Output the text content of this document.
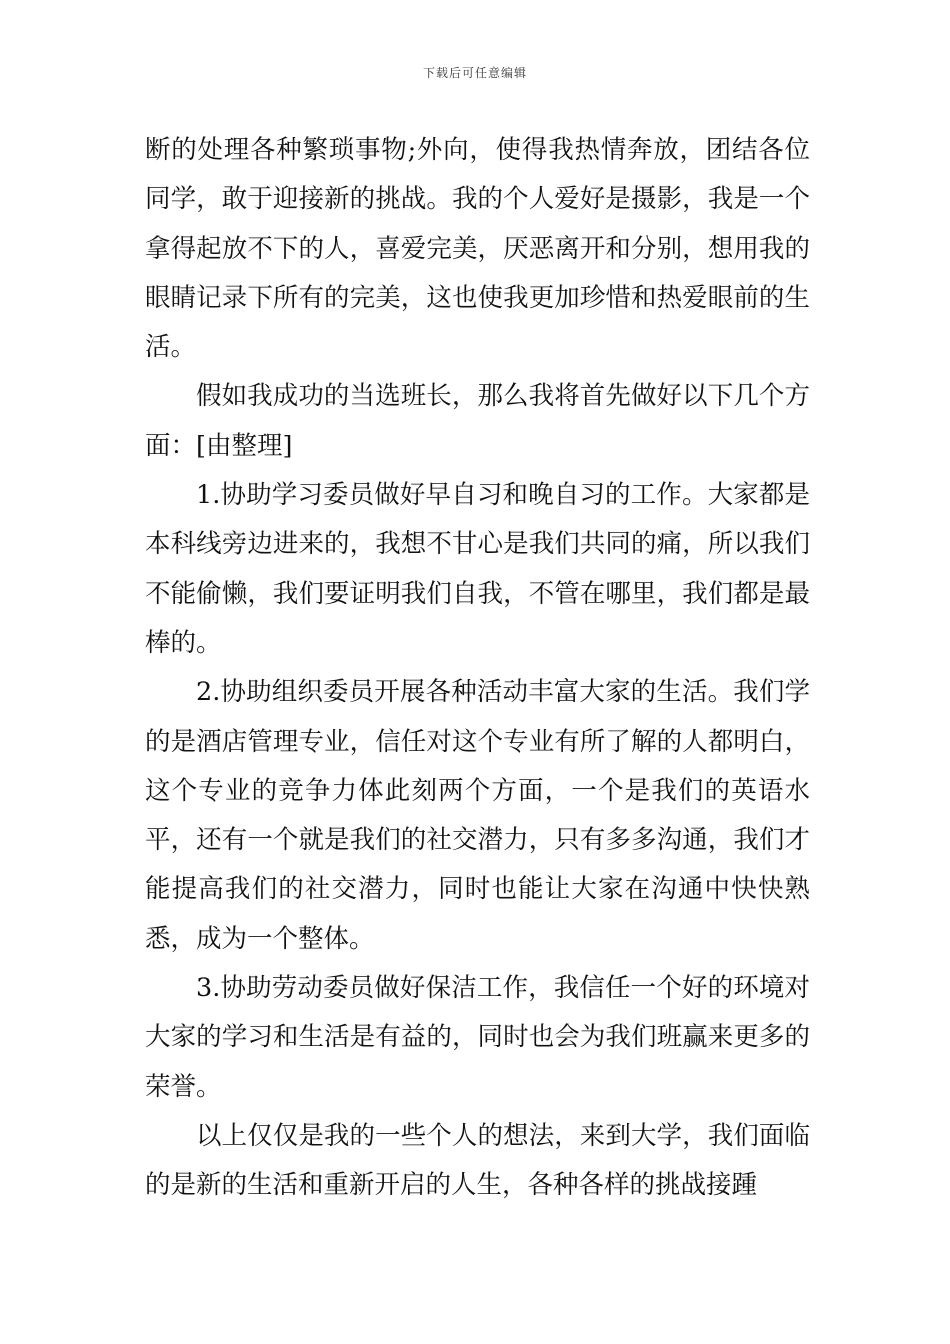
下载后可任意编辑

断的处理各种繁琐事物;外向，使得我热情奔放，团结各位同学，敢于迎接新的挑战。我的个人爱好是摄影，我是一个拿得起放不下的人，喜爱完美，厌恶离开和分别，想用我的眼睛记录下所有的完美，这也使我更加珍惜和热爱眼前的生活。

假如我成功的当选班长，那么我将首先做好以下几个方面：[由整理]

1.协助学习委员做好早自习和晚自习的工作。大家都是本科线旁边进来的，我想不甘心是我们共同的痛，所以我们不能偷懒，我们要证明我们自我，不管在哪里，我们都是最棒的。

2.协助组织委员开展各种活动丰富大家的生活。我们学的是酒店管理专业，信任对这个专业有所了解的人都明白，这个专业的竞争力体此刻两个方面，一个是我们的英语水平，还有一个就是我们的社交潜力，只有多多沟通，我们才能提高我们的社交潜力，同时也能让大家在沟通中快快熟悉，成为一个整体。

3.协助劳动委员做好保洁工作，我信任一个好的环境对大家的学习和生活是有益的，同时也会为我们班赢来更多的荣誉。

以上仅仅是我的一些个人的想法，来到大学，我们面临的是新的生活和重新开启的人生，各种各样的挑战接踵
